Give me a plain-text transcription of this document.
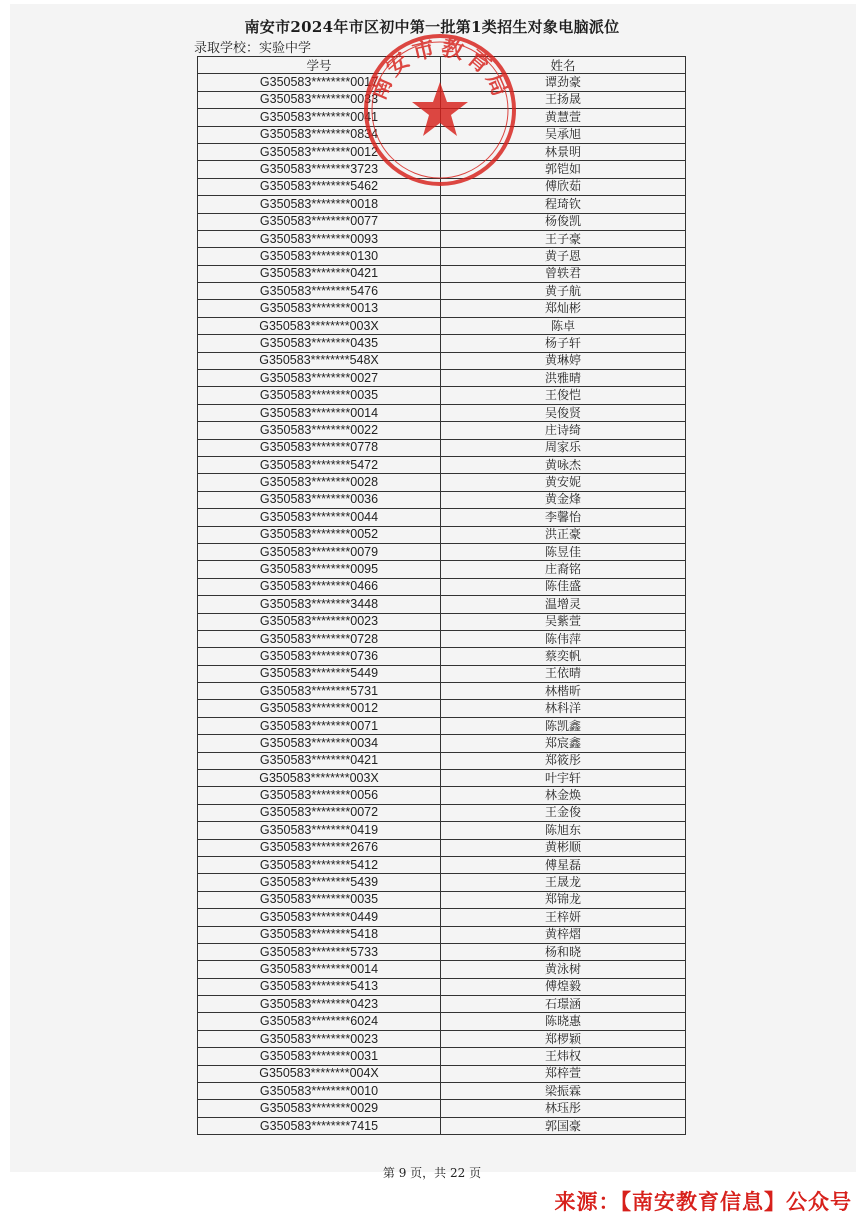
南安市2024年市区初中第一批第1类招生对象电脑派位
录取学校：实验中学
学号	姓名
G350583********0017	谭劲豪
G350583********0033	王扬晟
G350583********0041	黄慧萱
G350583********0834	吴承旭
G350583********0012	林景明
G350583********3723	郭铠如
G350583********5462	傅欣茹
G350583********0018	程琦钦
G350583********0077	杨俊凯
G350583********0093	王子豪
G350583********0130	黄子恩
G350583********0421	曾轶君
G350583********5476	黄子航
G350583********0013	郑灿彬
G350583********003X	陈卓
G350583********0435	杨子轩
G350583********548X	黄琳婷
G350583********0027	洪雅晴
G350583********0035	王俊恺
G350583********0014	吴俊贤
G350583********0022	庄诗绮
G350583********0778	周家乐
G350583********5472	黄咏杰
G350583********0028	黄安妮
G350583********0036	黄金烽
G350583********0044	李馨怡
G350583********0052	洪正豪
G350583********0079	陈昱佳
G350583********0095	庄裔铭
G350583********0466	陈佳盛
G350583********3448	温增灵
G350583********0023	吴紫萱
G350583********0728	陈伟萍
G350583********0736	蔡奕帆
G350583********5449	王依晴
G350583********5731	林楷昕
G350583********0012	林科洋
G350583********0071	陈凯鑫
G350583********0034	郑宸鑫
G350583********0421	郑筱彤
G350583********003X	叶宇轩
G350583********0056	林金焕
G350583********0072	王金俊
G350583********0419	陈旭东
G350583********2676	黄彬顺
G350583********5412	傅星磊
G350583********5439	王晟龙
G350583********0035	郑锦龙
G350583********0449	王梓妍
G350583********5418	黄梓熠
G350583********5733	杨和晓
G350583********0014	黄泳树
G350583********5413	傅煌毅
G350583********0423	石璟涵
G350583********6024	陈晓惠
G350583********0023	郑椤颖
G350583********0031	王炜权
G350583********004X	郑梓萱
G350583********0010	梁振霖
G350583********0029	林珏彤
G350583********7415	郭国豪
南安市教育局
第 9 页，共 22 页
来源：【南安教育信息】公众号
